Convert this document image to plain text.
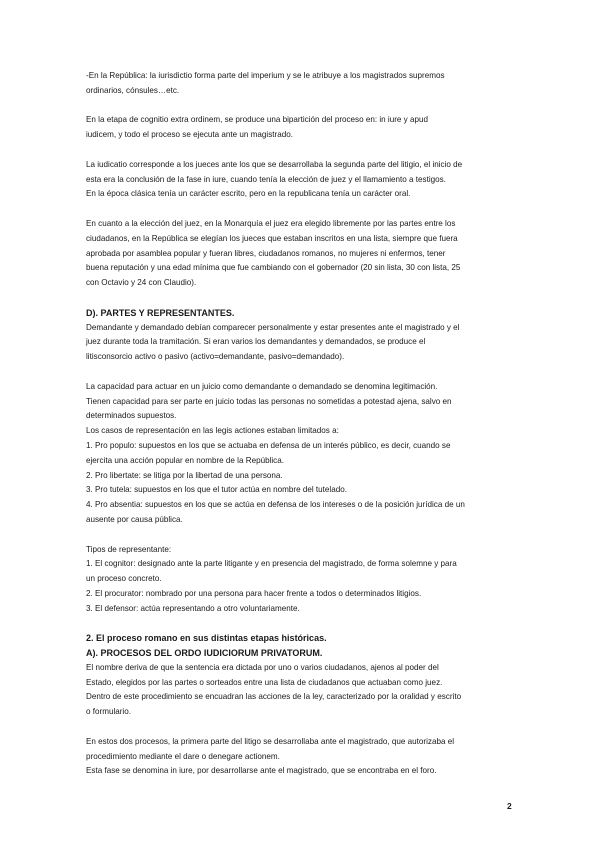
-En la República: la iurisdictio forma parte del imperium y se le atribuye a los magistrados supremos

ordinarios, cónsules…etc.

En la etapa de cognitio extra ordinem, se produce una bipartición del proceso en: in iure y apud

iudicem, y todo el proceso se ejecuta ante un magistrado.

La iudicatio corresponde a los jueces ante los que se desarrollaba la segunda parte del litigio, el inicio de

esta era la conclusión de la fase in iure, cuando tenía la elección de juez y el llamamiento a testigos.

En la época clásica tenía un carácter escrito, pero en la republicana tenía un carácter oral.

En cuanto a la elección del juez, en la Monarquía el juez era elegido libremente por las partes entre los

ciudadanos, en la República se elegían los jueces que estaban inscritos en una lista, siempre que fuera

aprobada por asamblea popular y fueran libres, ciudadanos romanos, no mujeres ni enfermos, tener

buena reputación y una edad mínima que fue cambiando con el gobernador (20 sin lista, 30 con lista, 25

con Octavio y 24 con Claudio).

D). PARTES Y REPRESENTANTES.

Demandante y demandado debían comparecer personalmente y estar presentes ante el magistrado y el

juez durante toda la tramitación. Si eran varios los demandantes y demandados, se produce el

litisconsorcio activo o pasivo (activo=demandante, pasivo=demandado).

La capacidad para actuar en un juicio como demandante o demandado se denomina legitimación.

Tienen capacidad para ser parte en juicio todas las personas no sometidas a potestad ajena, salvo en

determinados supuestos.

Los casos de representación en las legis actiones estaban limitados a:

1. Pro populo: supuestos en los que se actuaba en defensa de un interés público, es decir, cuando se

ejercita una acción popular en nombre de la República.

2. Pro libertate: se litiga por la libertad de una persona.

3. Pro tutela: supuestos en los que el tutor actúa en nombre del tutelado.

4. Pro absentia: supuestos en los que se actúa en defensa de los intereses o de la posición jurídica de un

ausente por causa pública.

Tipos de representante:

1. El cognitor: designado ante la parte litigante y en presencia del magistrado, de forma solemne y para

un proceso concreto.

2. El procurator: nombrado por una persona para hacer frente a todos o determinados litigios.

3. El defensor: actúa representando a otro voluntariamente.

2. El proceso romano en sus distintas etapas históricas.

A). PROCESOS DEL ORDO IUDICIORUM PRIVATORUM.

El nombre deriva de que la sentencia era dictada por uno o varios ciudadanos, ajenos al poder del

Estado, elegidos por las partes o sorteados entre una lista de ciudadanos que actuaban como juez.

Dentro de este procedimiento se encuadran las acciones de la ley, caracterizado por la oralidad y escrito

o formulario.

En estos dos procesos, la primera parte del litigo se desarrollaba ante el magistrado, que autorizaba el

procedimiento mediante el dare o denegare actionem.

Esta fase se denomina in iure, por desarrollarse ante el magistrado, que se encontraba en el foro.

2
